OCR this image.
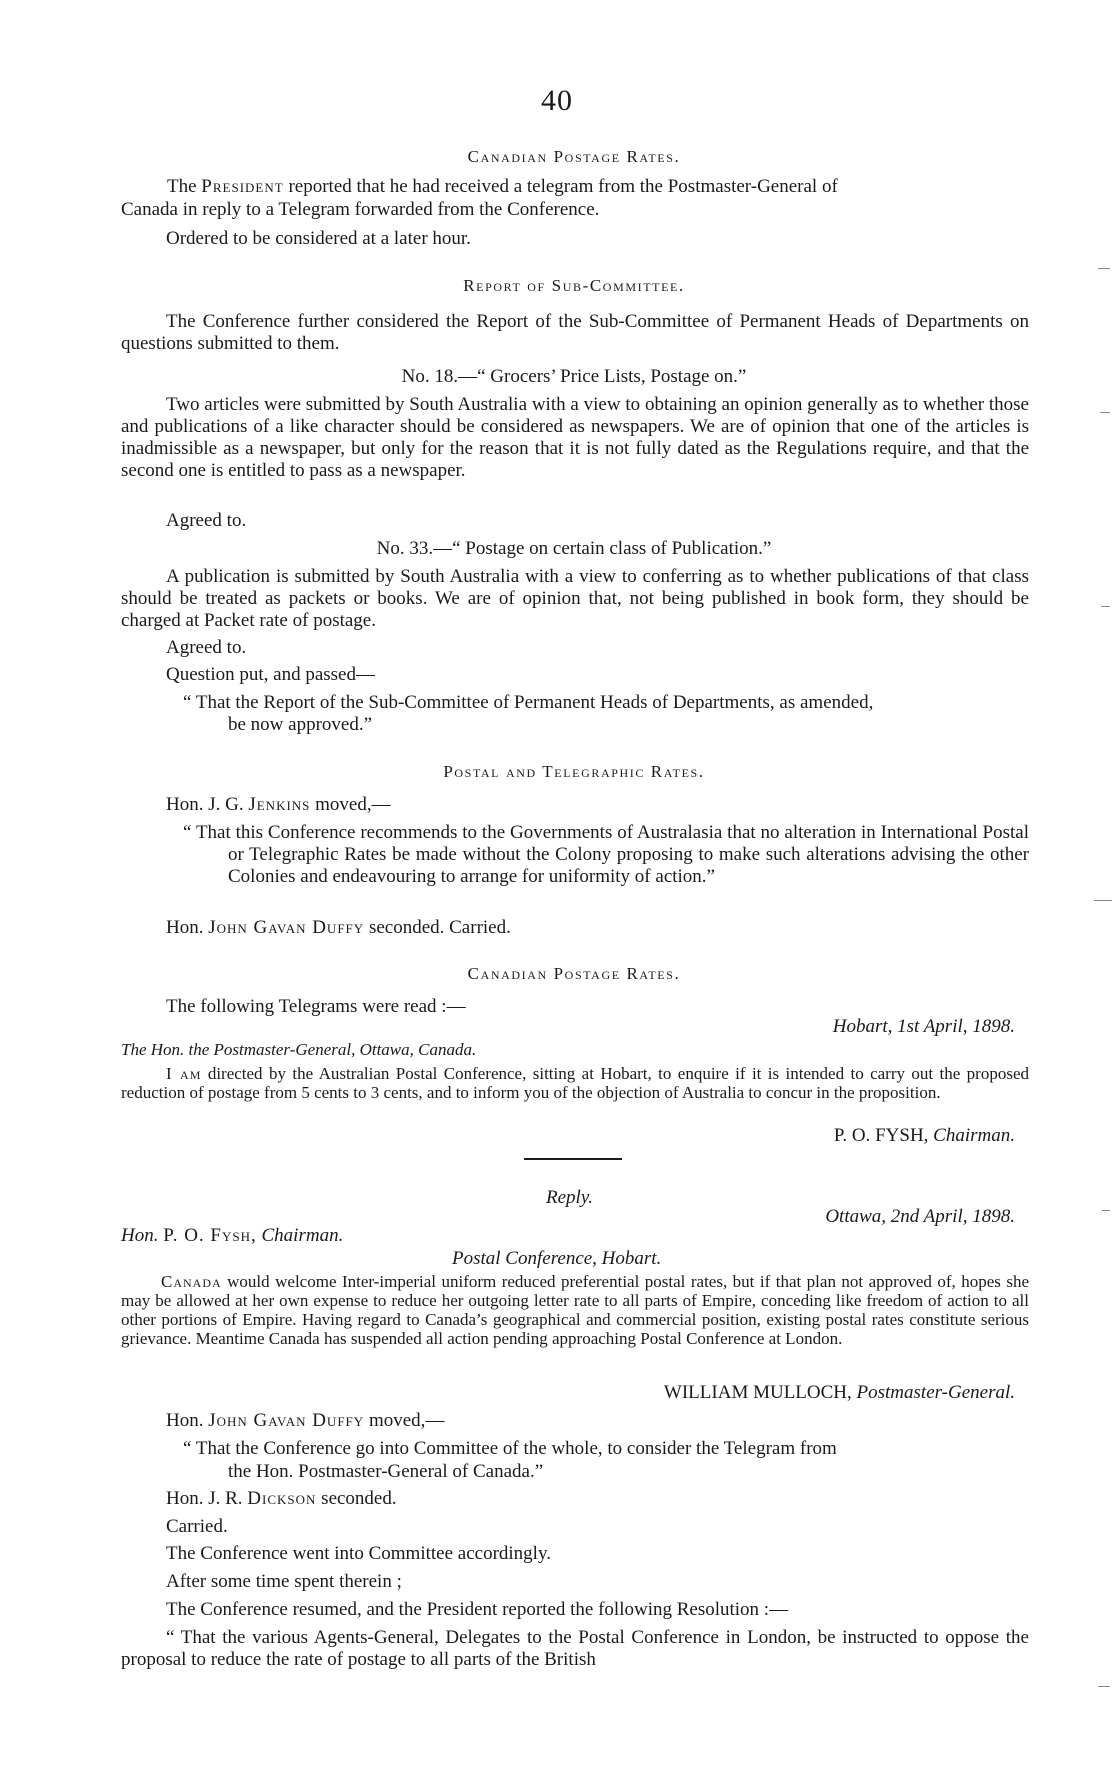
40
Canadian Postage Rates.
The President reported that he had received a telegram from the Postmaster-General of
Canada in reply to a Telegram forwarded from the Conference.
Ordered to be considered at a later hour.
Report of Sub-Committee.
The Conference further considered the Report of the Sub-Committee of Permanent Heads of Departments on questions submitted to them.
No. 18.—“ Grocers’ Price Lists, Postage on.”
Two articles were submitted by South Australia with a view to obtaining an opinion generally as to whether those and publications of a like character should be considered as newspapers. We are of opinion that one of the articles is inadmissible as a newspaper, but only for the reason that it is not fully dated as the Regulations require, and that the second one is entitled to pass as a newspaper.
Agreed to.
No. 33.—“ Postage on certain class of Publication.”
A publication is submitted by South Australia with a view to conferring as to whether publications of that class should be treated as packets or books. We are of opinion that, not being published in book form, they should be charged at Packet rate of postage.
Agreed to.
Question put, and passed—
“ That the Report of the Sub-Committee of Permanent Heads of Departments, as amended,
be now approved.”
Postal and Telegraphic Rates.
Hon. J. G. Jenkins moved,—
“ That this Conference recommends to the Governments of Australasia that no alteration in International Postal or Telegraphic Rates be made without the Colony proposing to make such alterations advising the other Colonies and endeavouring to arrange for uniformity of action.”
Hon. John Gavan Duffy seconded. Carried.
Canadian Postage Rates.
The following Telegrams were read :—
Hobart, 1st April, 1898.
The Hon. the Postmaster-General, Ottawa, Canada.
I am directed by the Australian Postal Conference, sitting at Hobart, to enquire if it is intended to carry out the proposed reduction of postage from 5 cents to 3 cents, and to inform you of the objection of Australia to concur in the proposition.
P. O. FYSH, Chairman.
Reply.
Ottawa, 2nd April, 1898.
Hon. P. O. Fysh, Chairman.
Postal Conference, Hobart.
Canada would welcome Inter-imperial uniform reduced preferential postal rates, but if that plan not approved of, hopes she may be allowed at her own expense to reduce her outgoing letter rate to all parts of Empire, conceding like freedom of action to all other portions of Empire. Having regard to Canada’s geographical and commercial position, existing postal rates constitute serious grievance. Meantime Canada has suspended all action pending approaching Postal Conference at London.
WILLIAM MULLOCH, Postmaster-General.
Hon. John Gavan Duffy moved,—
“ That the Conference go into Committee of the whole, to consider the Telegram from
the Hon. Postmaster-General of Canada.”
Hon. J. R. Dickson seconded.
Carried.
The Conference went into Committee accordingly.
After some time spent therein ;
The Conference resumed, and the President reported the following Resolution :—
“ That the various Agents-General, Delegates to the Postal Conference in London, be instructed to oppose the proposal to reduce the rate of postage to all parts of the British
